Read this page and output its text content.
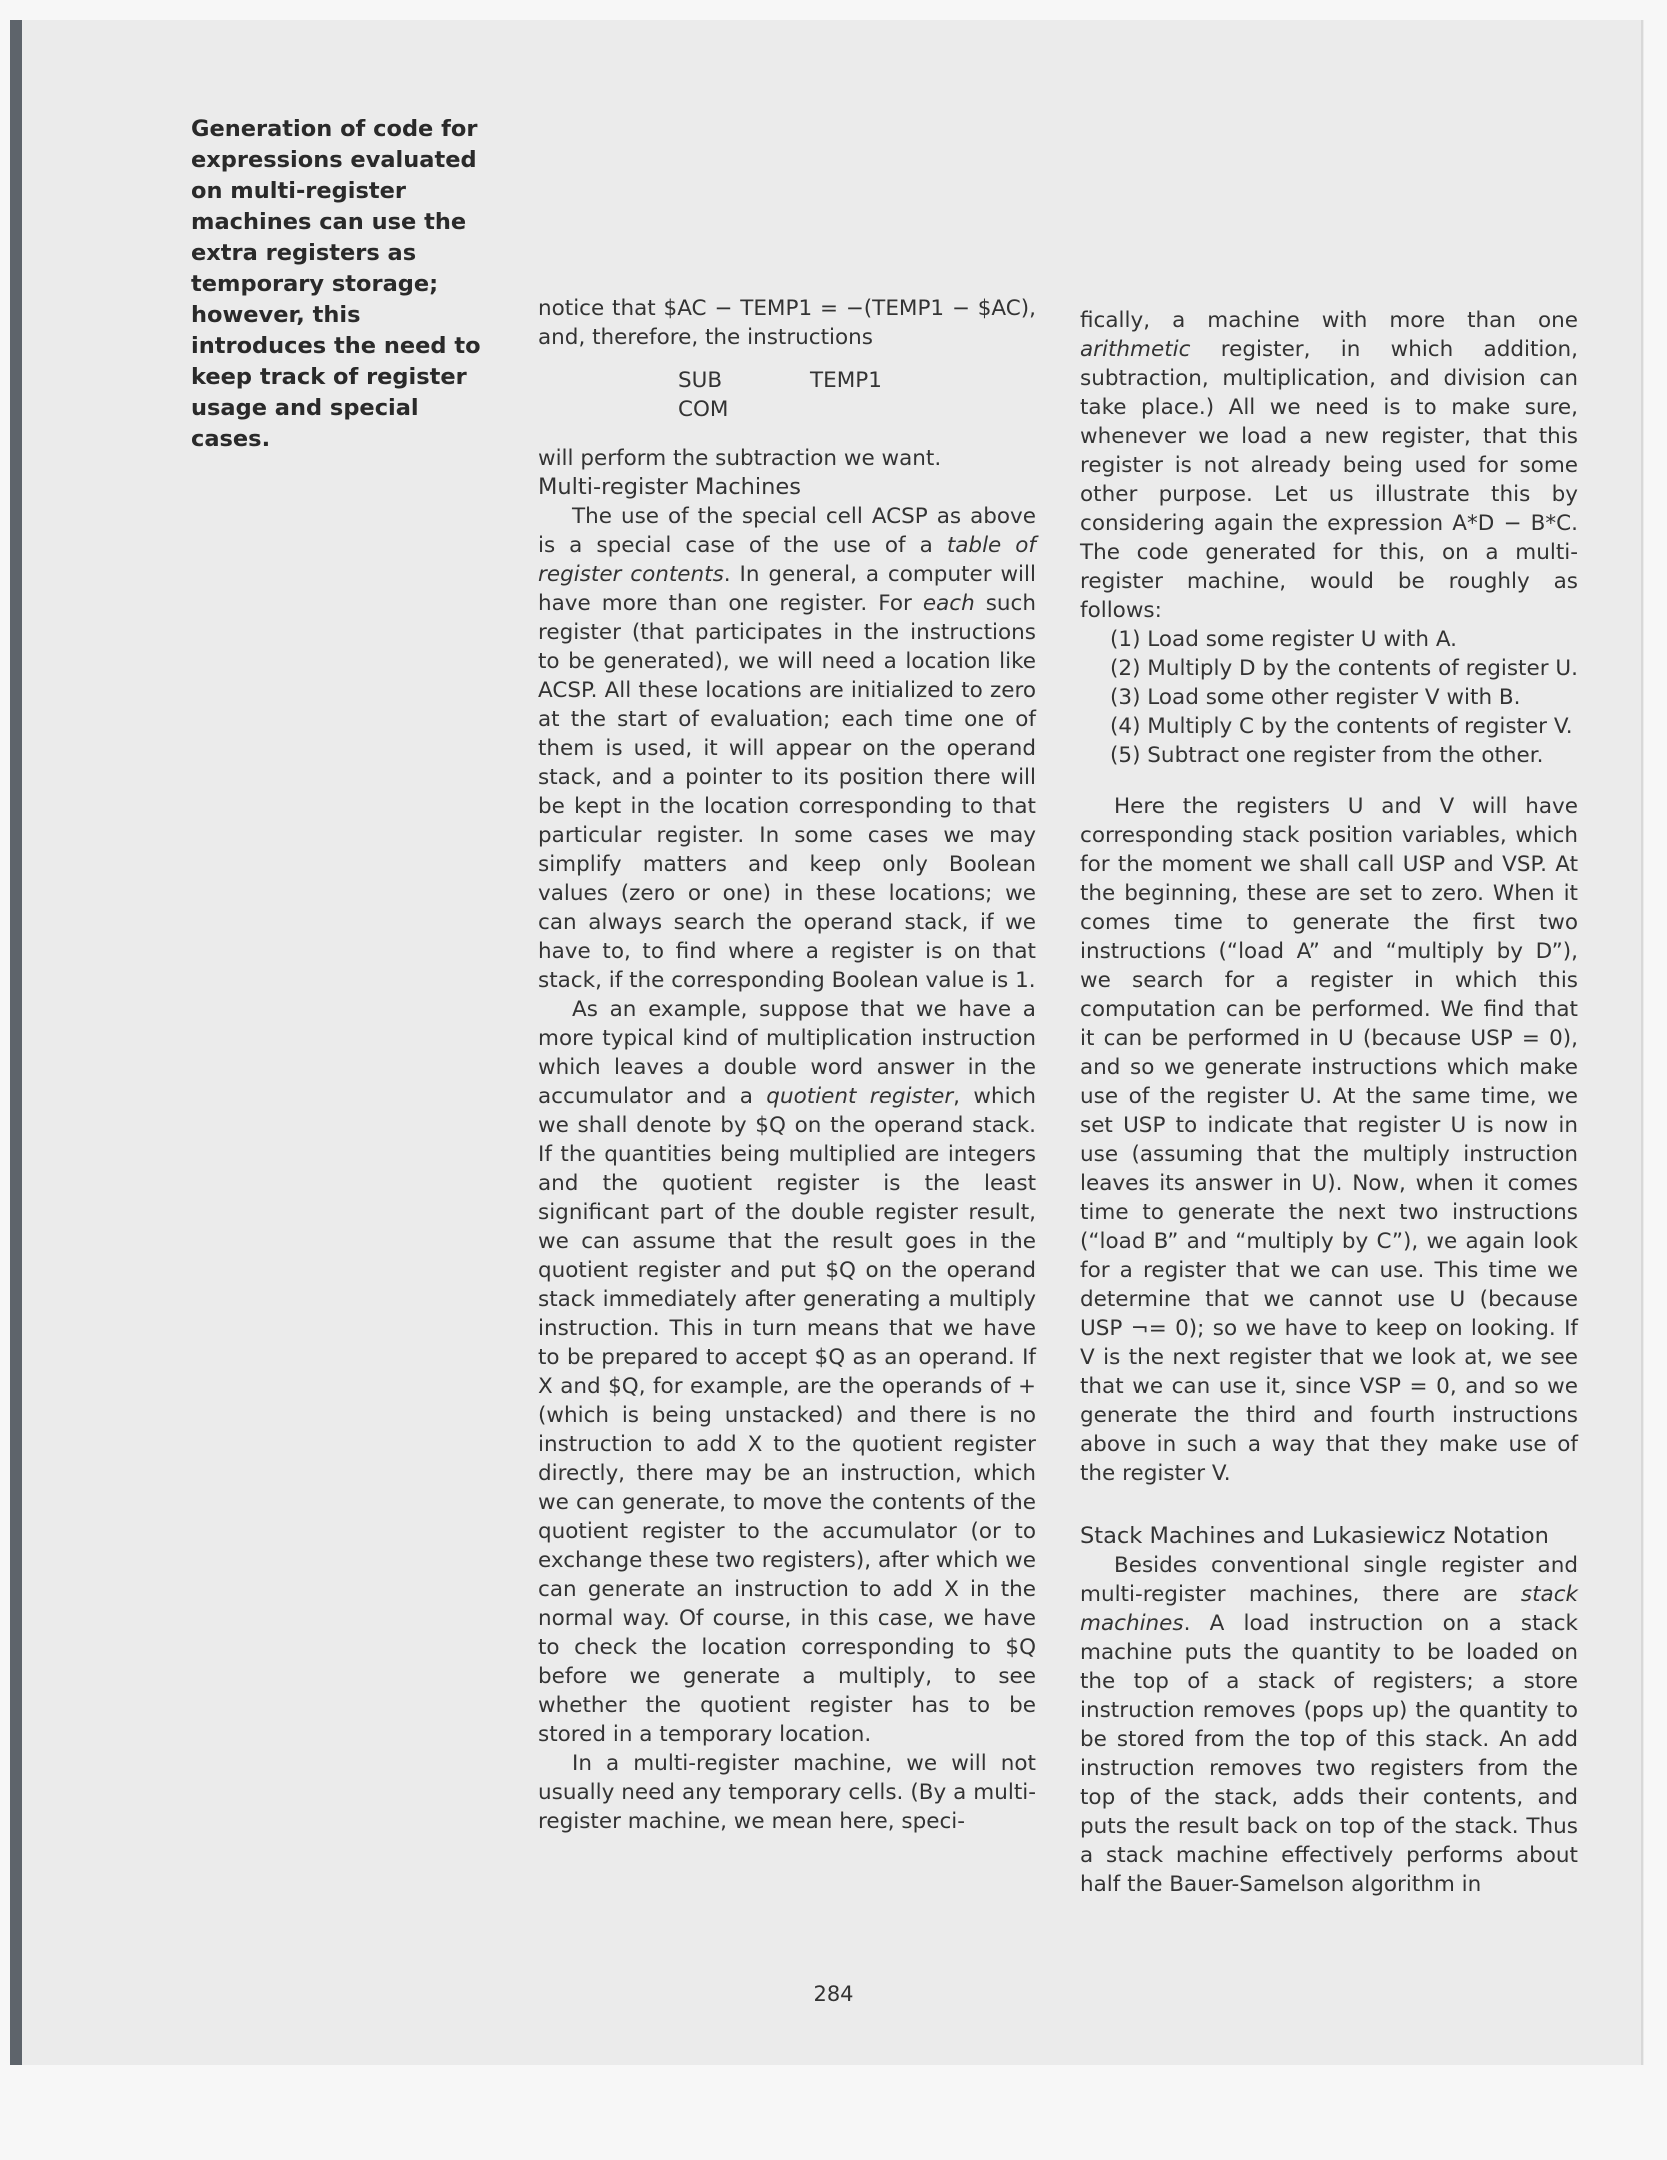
Generation of code for expressions evaluated on multi-register machines can use the extra registers as temporary storage; however, this introduces the need to keep track of register usage and special cases.

notice that $AC − TEMP1 = −(TEMP1 − $AC), and, therefore, the instructions

SUB	TEMP1
COM

will perform the subtraction we want.

Multi-register Machines

The use of the special cell ACSP as above is a special case of the use of a table of register contents. In general, a computer will have more than one register. For each such register (that participates in the instructions to be generated), we will need a location like ACSP. All these locations are initialized to zero at the start of evaluation; each time one of them is used, it will appear on the operand stack, and a pointer to its position there will be kept in the location corresponding to that particular register. In some cases we may simplify matters and keep only Boolean values (zero or one) in these locations; we can always search the operand stack, if we have to, to find where a register is on that stack, if the corresponding Boolean value is 1.

As an example, suppose that we have a more typical kind of multiplication instruction which leaves a double word answer in the accumulator and a quotient register, which we shall denote by $Q on the operand stack. If the quantities being multiplied are integers and the quotient register is the least significant part of the double register result, we can assume that the result goes in the quotient register and put $Q on the operand stack immediately after generating a multiply instruction. This in turn means that we have to be prepared to accept $Q as an operand. If X and $Q, for example, are the operands of + (which is being unstacked) and there is no instruction to add X to the quotient register directly, there may be an instruction, which we can generate, to move the contents of the quotient register to the accumulator (or to exchange these two registers), after which we can generate an instruction to add X in the normal way. Of course, in this case, we have to check the location corresponding to $Q before we generate a multiply, to see whether the quotient register has to be stored in a temporary location.

In a multi-register machine, we will not usually need any temporary cells. (By a multi-register machine, we mean here, speci-

fically, a machine with more than one arithmetic register, in which addition, subtraction, multiplication, and division can take place.) All we need is to make sure, whenever we load a new register, that this register is not already being used for some other purpose. Let us illustrate this by considering again the expression A*D − B*C. The code generated for this, on a multi-register machine, would be roughly as follows:

(1) Load some register U with A.

(2) Multiply D by the contents of register U.

(3) Load some other register V with B.

(4) Multiply C by the contents of register V.

(5) Subtract one register from the other.

Here the registers U and V will have corresponding stack position variables, which for the moment we shall call USP and VSP. At the beginning, these are set to zero. When it comes time to generate the first two instructions (“load A” and “multiply by D”), we search for a register in which this computation can be performed. We find that it can be performed in U (because USP = 0), and so we generate instructions which make use of the register U. At the same time, we set USP to indicate that register U is now in use (assuming that the multiply instruction leaves its answer in U). Now, when it comes time to generate the next two instructions (“load B” and “multiply by C”), we again look for a register that we can use. This time we determine that we cannot use U (because USP ¬= 0); so we have to keep on looking. If V is the next register that we look at, we see that we can use it, since VSP = 0, and so we generate the third and fourth instructions above in such a way that they make use of the register V.

Stack Machines and Lukasiewicz Notation

Besides conventional single register and multi-register machines, there are stack machines. A load instruction on a stack machine puts the quantity to be loaded on the top of a stack of registers; a store instruction removes (pops up) the quantity to be stored from the top of this stack. An add instruction removes two registers from the top of the stack, adds their contents, and puts the result back on top of the stack. Thus a stack machine effectively performs about half the Bauer-Samelson algorithm in

284
